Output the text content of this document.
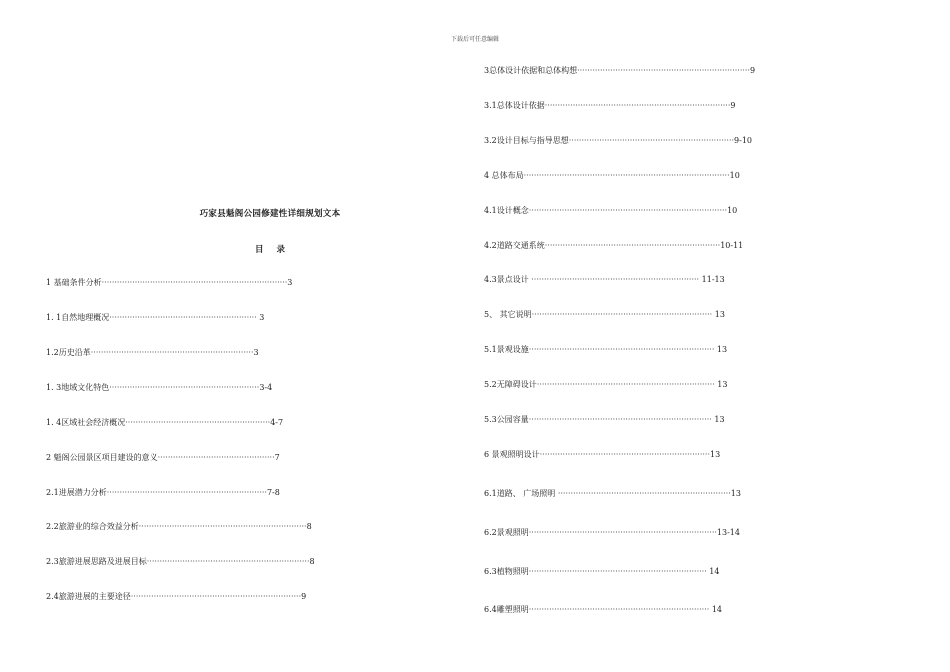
下载后可任意编辑
巧家县魁阁公园修建性详细规划文本
目 录
1 基础条件分析·········································································3
1. 1自然地理概况·························································· 3
1.2历史沿革································································3
1. 3地域文化特色···························································3-4
1. 4区域社会经济概况·························································4-7
2 魁阁公园景区项目建设的意义··············································7
2.1进展潜力分析·······························································7-8
2.2旅游业的综合效益分析··································································8
2.3旅游进展思路及进展目标································································8
2.4旅游进展的主要途径···································································9
3总体设计依据和总体构想····································································9
3.1总体设计依据·········································································9
3.2设计目标与指导思想·································································9-10
4 总体布局·················································································10
4.1设计概念··············································································10
4.2道路交通系统·····································································10-11
4.3景点设计 ·································································· 11-13
5、 其它说明······································································· 13
5.1景观设施········································································· 13
5.2无障碍设计······································································ 13
5.3公园容量········································································ 13
6 景观照明设计···································································13
6.1道路、 广场照明 ····································································13
6.2景观照明··········································································13-14
6.3植物照明······································································ 14
6.4雕塑照明······································································· 14
